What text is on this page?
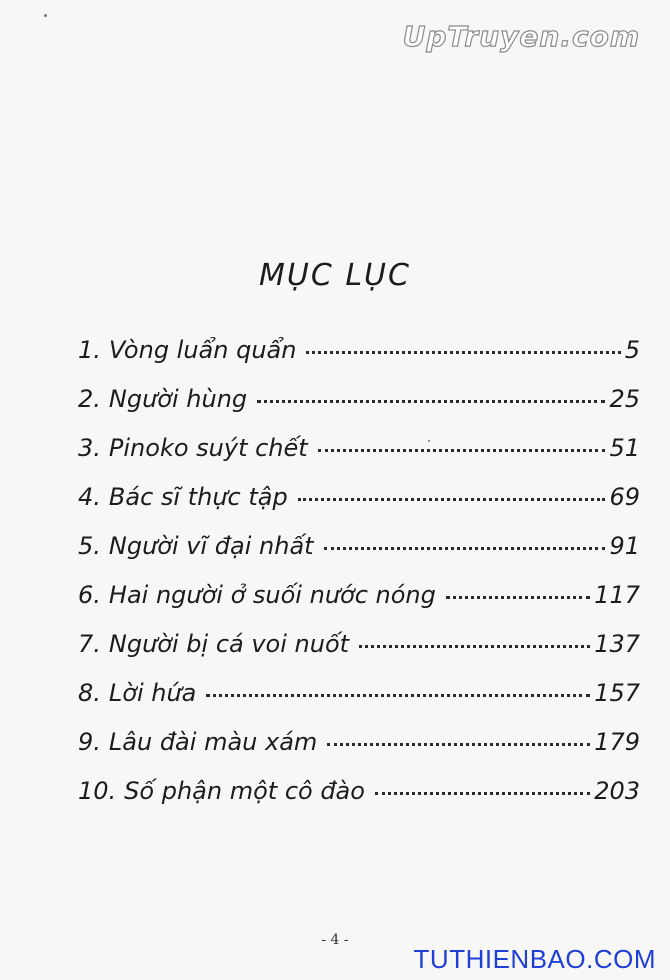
UpTruyen.com
MỤC LỤC
1. Vòng luẩn quẩn	5
2. Người hùng	25
3. Pinoko suýt chết	51
4. Bác sĩ thực tập	69
5. Người vĩ đại nhất	91
6. Hai người ở suối nước nóng	117
7. Người bị cá voi nuốt	137
8. Lời hứa	157
9. Lâu đài màu xám	179
10. Số phận một cô đào	203
- 4 -
TUTHIENBAO.COM
